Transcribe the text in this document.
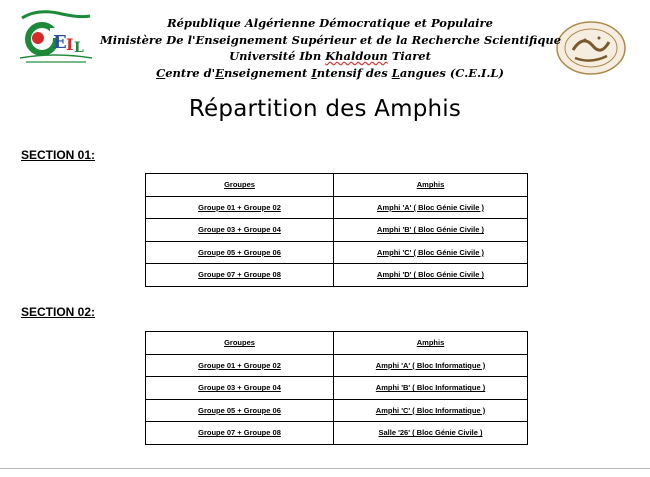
E I L
République Algérienne Démocratique et Populaire
Ministère De l'Enseignement Supérieur et de la Recherche Scientifique
Université Ibn Khaldoun Tiaret
Centre d'Enseignement Intensif des Langues (C.E.I.L)
Répartition des Amphis
SECTION 01:
Groupes	Amphis
Groupe 01 + Groupe 02	Amphi 'A' ( Bloc Génie Civile )
Groupe 03 + Groupe 04	Amphi 'B' ( Bloc Génie Civile )
Groupe 05 + Groupe 06	Amphi 'C' ( Bloc Génie Civile )
Groupe 07 + Groupe 08	Amphi 'D' ( Bloc Génie Civile )
SECTION 02:
Groupes	Amphis
Groupe 01 + Groupe 02	Amphi 'A' ( Bloc Informatique )
Groupe 03 + Groupe 04	Amphi 'B' ( Bloc Informatique )
Groupe 05 + Groupe 06	Amphi 'C' ( Bloc Informatique )
Groupe 07 + Groupe 08	Salle '26' ( Bloc Génie Civile )
